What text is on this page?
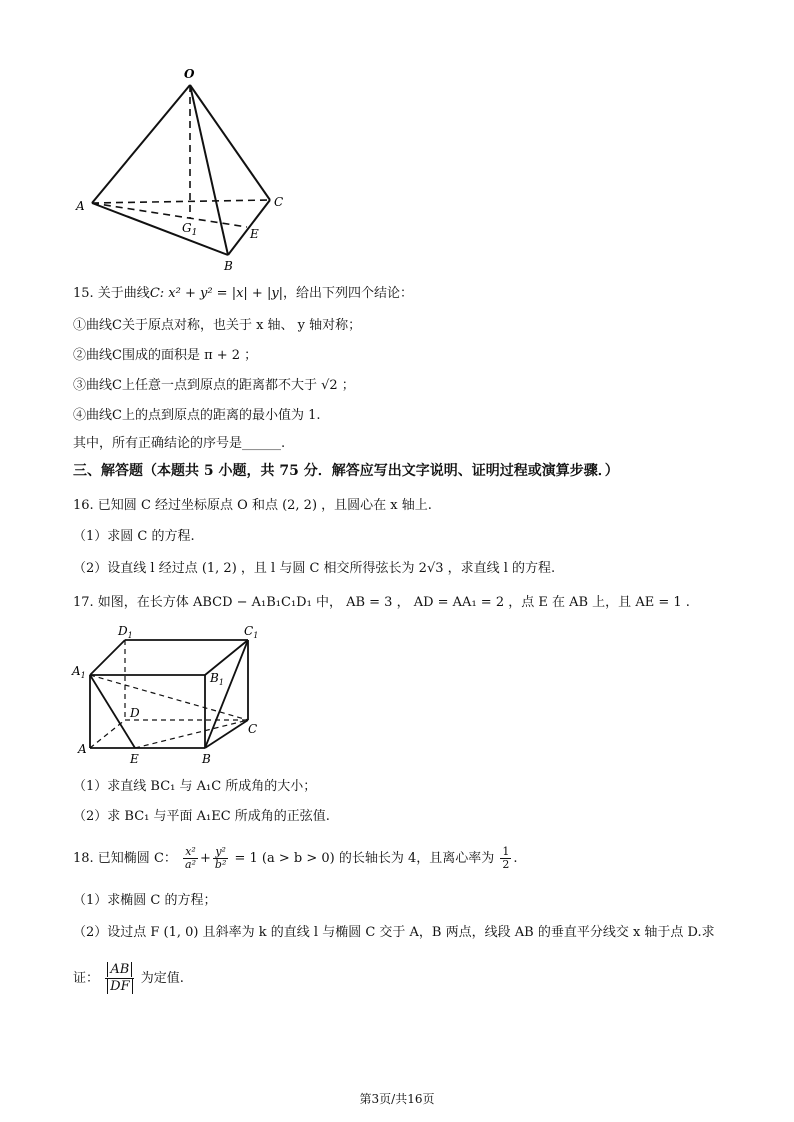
O
A	C
$G_1$	E
B
15. 关于曲线C: x² + y² = |x| + |y|，给出下列四个结论：
①曲线C关于原点对称，也关于 x 轴、 y 轴对称；
②曲线C围成的面积是 π + 2 ；
③曲线C上任意一点到原点的距离都不大于 √2 ；
④曲线C上的点到原点的距离的最小值为 1.
其中，所有正确结论的序号是______.
三、解答题（本题共 5 小题，共 75 分．解答应写出文字说明、证明过程或演算步骤．）
16. 已知圆 C 经过坐标原点 O 和点 (2, 2) ，且圆心在 x 轴上.
（1）求圆 C 的方程.
（2）设直线 l 经过点 (1, 2) ，且 l 与圆 C 相交所得弦长为 2√3 ，求直线 l 的方程.
17. 如图，在长方体 ABCD − A₁B₁C₁D₁ 中， AB = 3 ， AD = AA₁ = 2 ，点 E 在 AB 上，且 AE = 1 .
$D_1$	$C_1$
$A_1$	$B_1$
D
C
A
E	B
（1）求直线 BC₁ 与 A₁C 所成角的大小；
（2）求 BC₁ 与平面 A₁EC 所成角的正弦值.
18. 已知椭圆 C： $\frac{\text{x²}}{\text{a²}} + \frac{\text{y²}}{\text{b²}} = 1$ (a > b > 0) 的长轴长为 4，且离心率为 $\frac{1}{2}$ .
（1）求椭圆 C 的方程；
（2）设过点 F (1, 0) 且斜率为 k 的直线 l 与椭圆 C 交于 A，B 两点，线段 AB 的垂直平分线交 x 轴于点 D.求
证： $\frac{AB}{DF}$ 为定值.
第3页/共16页
